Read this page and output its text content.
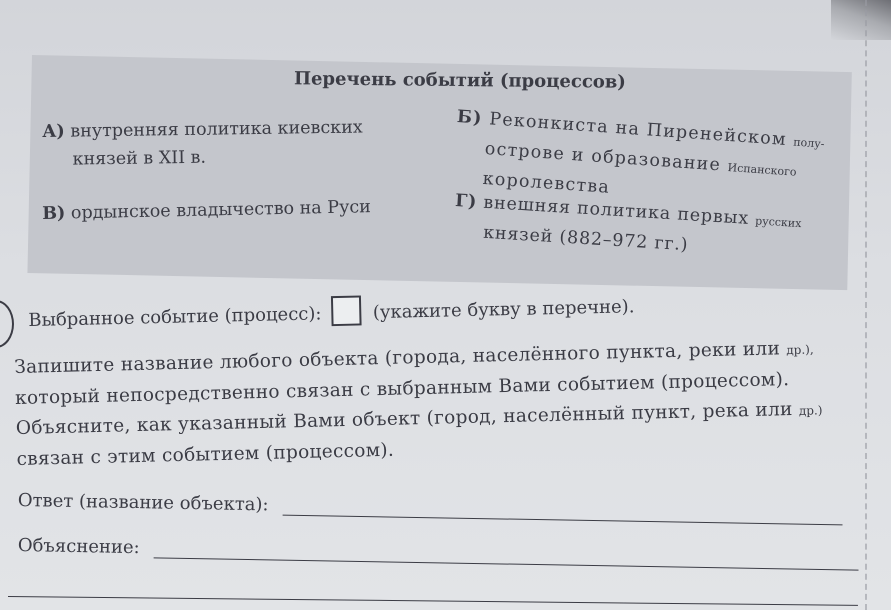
Перечень событий (процессов)
А) внутренняя политика киевских
князей в XII в.
Б) Реконкиста на Пиренейском полу-
острове и образование Испанского
королевства
В) ордынское владычество на Руси	Г) внешняя политика первых русских
князей (882–972 гг.)
Выбранное событие (процесс):	(укажите букву в перечне).
Запишите название любого объекта (города, населённого пункта, реки или др.),
который непосредственно связан с выбранным Вами событием (процессом).
Объясните, как указанный Вами объект (город, населённый пункт, река или др.)
связан с этим событием (процессом).
Ответ (название объекта):
Объяснение:
